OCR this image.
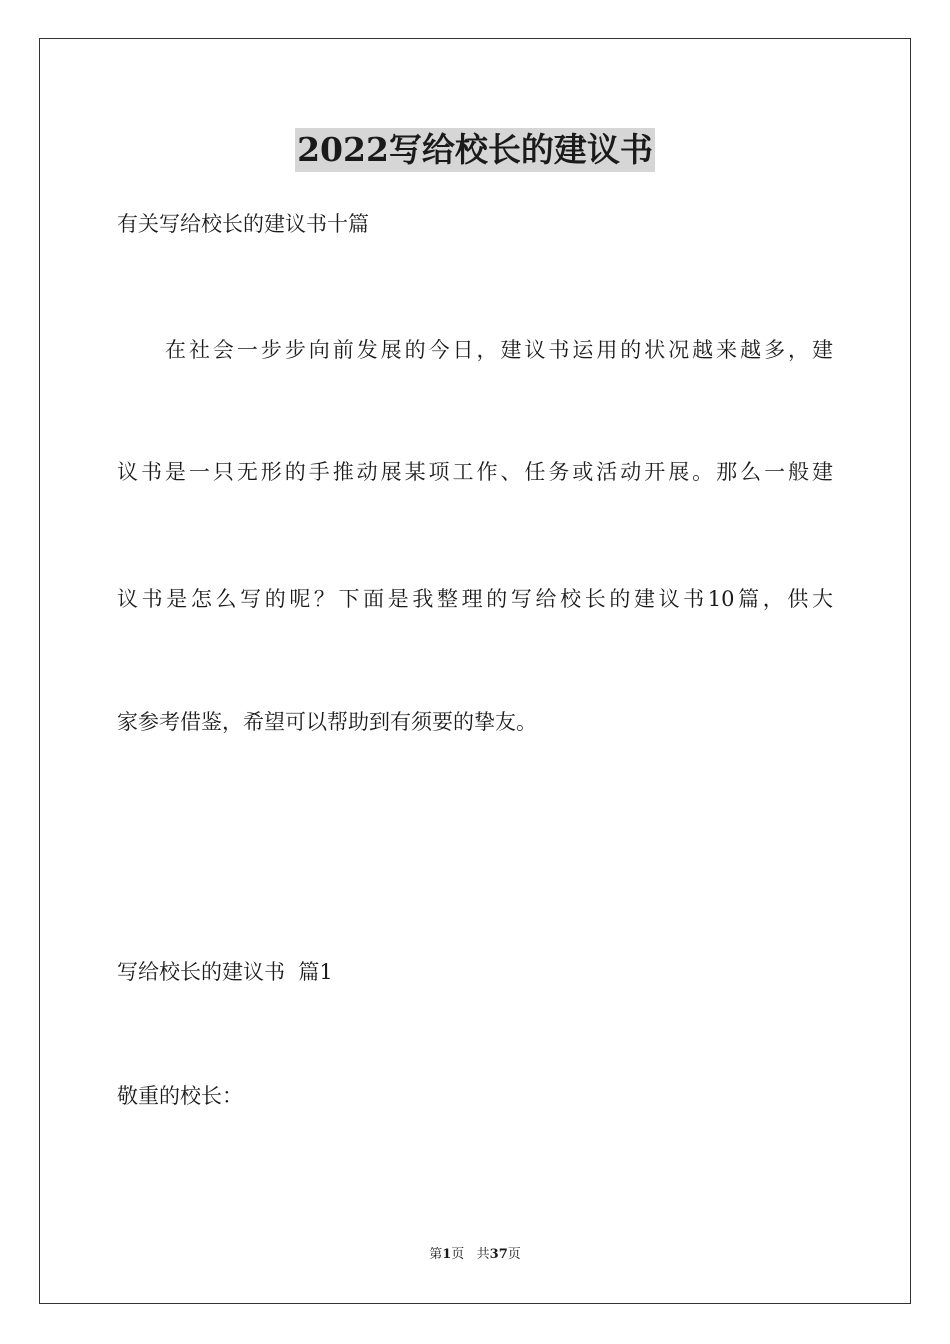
2022写给校长的建议书
有关写给校长的建议书十篇
在社会一步步向前发展的今日，建议书运用的状况越来越多，建
议书是一只无形的手推动展某项工作、任务或活动开展。那么一般建
议书是怎么写的呢？下面是我整理的写给校长的建议书10篇，供大
家参考借鉴，希望可以帮助到有须要的挚友。
写给校长的建议书  篇1
敬重的校长：
第1页   共37页
